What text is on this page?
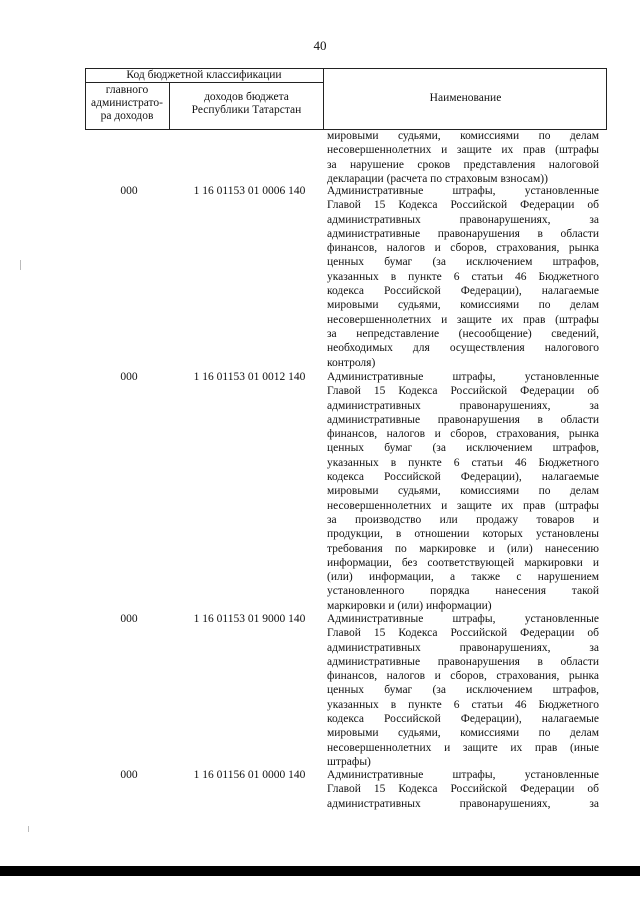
40
Код бюджетной классификации
главного
администрато-
ра доходов
доходов бюджета
Республики Татарстан
Наименование
мировыми судьями, комиссиями по делам
несовершеннолетних и защите их прав (штрафы
за нарушение сроков представления налоговой
декларации (расчета по страховым взносам))
000	1 16 01153 01 0006 140	Административные штрафы, установленные
Главой 15 Кодекса Российской Федерации об
административных правонарушениях, за
административные правонарушения в области
финансов, налогов и сборов, страхования, рынка
ценных бумаг (за исключением штрафов,
указанных в пункте 6 статьи 46 Бюджетного
кодекса Российской Федерации), налагаемые
мировыми судьями, комиссиями по делам
несовершеннолетних и защите их прав (штрафы
за непредставление (несообщение) сведений,
необходимых для осуществления налогового
контроля)
000	1 16 01153 01 0012 140	Административные штрафы, установленные
Главой 15 Кодекса Российской Федерации об
административных правонарушениях, за
административные правонарушения в области
финансов, налогов и сборов, страхования, рынка
ценных бумаг (за исключением штрафов,
указанных в пункте 6 статьи 46 Бюджетного
кодекса Российской Федерации), налагаемые
мировыми судьями, комиссиями по делам
несовершеннолетних и защите их прав (штрафы
за производство или продажу товаров и
продукции, в отношении которых установлены
требования по маркировке и (или) нанесению
информации, без соответствующей маркировки и
(или) информации, а также с нарушением
установленного порядка нанесения такой
маркировки и (или) информации)
000	1 16 01153 01 9000 140	Административные штрафы, установленные
Главой 15 Кодекса Российской Федерации об
административных правонарушениях, за
административные правонарушения в области
финансов, налогов и сборов, страхования, рынка
ценных бумаг (за исключением штрафов,
указанных в пункте 6 статьи 46 Бюджетного
кодекса Российской Федерации), налагаемые
мировыми судьями, комиссиями по делам
несовершеннолетних и защите их прав (иные
штрафы)
000	1 16 01156 01 0000 140	Административные штрафы, установленные
Главой 15 Кодекса Российской Федерации об
административных правонарушениях, за
